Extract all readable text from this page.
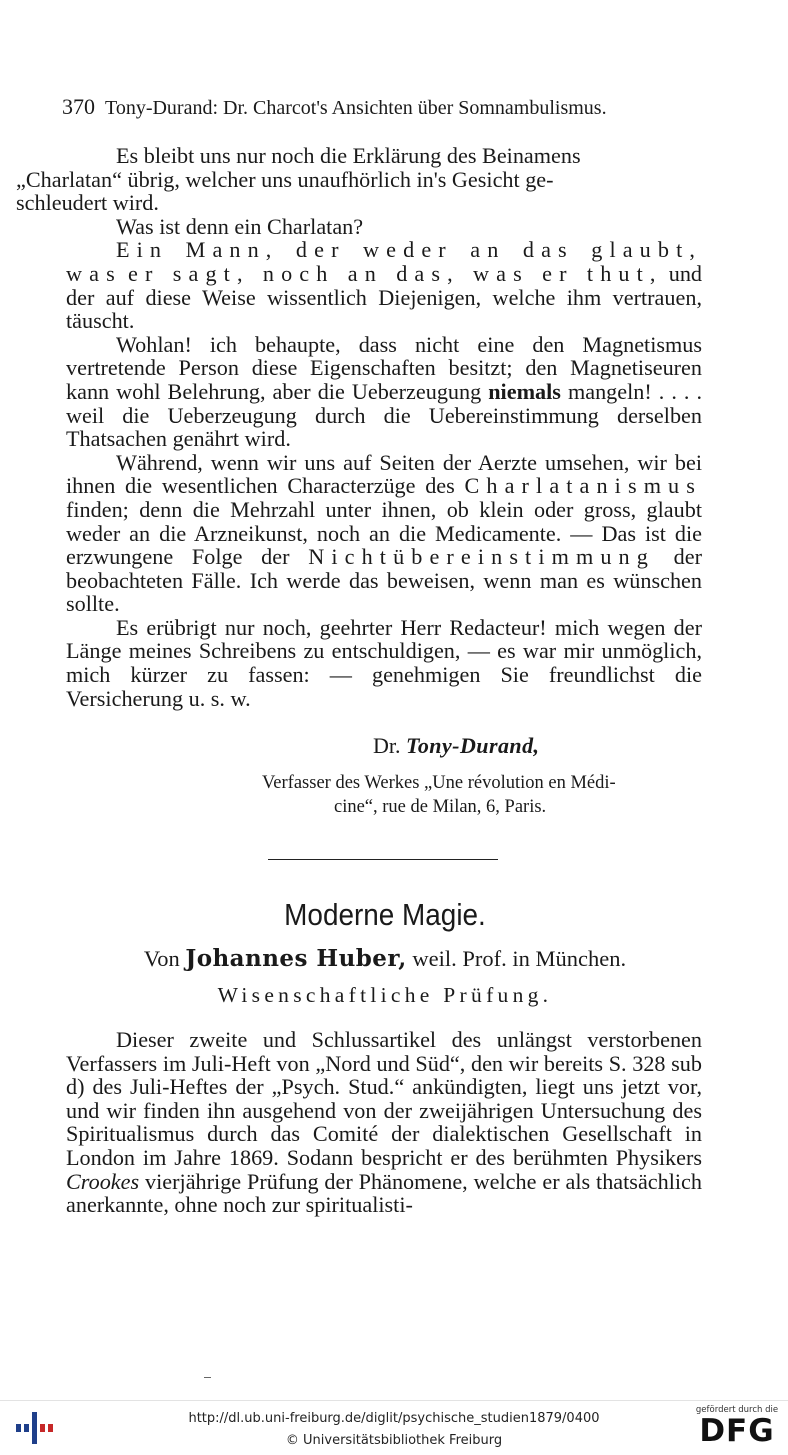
370 Tony-Durand: Dr. Charcot's Ansichten über Somnambulismus.

Es bleibt uns nur noch die Erklärung des Beinamens
„Charlatan“ übrig, welcher uns unaufhörlich in's Gesicht ge-
schleudert wird.

Was ist denn ein Charlatan?

Ein Mann, der weder an das glaubt, was er sagt, noch an das, was er thut, und der auf diese Weise wissentlich Diejenigen, welche ihm vertrauen, täuscht.

Wohlan! ich behaupte, dass nicht eine den Magnetismus vertretende Person diese Eigenschaften besitzt; den Magnetiseuren kann wohl Belehrung, aber die Ueberzeugung niemals mangeln! . . . . weil die Ueberzeugung durch die Uebereinstimmung derselben Thatsachen genährt wird.

Während, wenn wir uns auf Seiten der Aerzte umsehen, wir bei ihnen die wesentlichen Characterzüge des Charlatanismus finden; denn die Mehrzahl unter ihnen, ob klein oder gross, glaubt weder an die Arzneikunst, noch an die Medicamente. — Das ist die erzwungene Folge der Nichtübereinstimmung der beobachteten Fälle. Ich werde das beweisen, wenn man es wünschen sollte.

Es erübrigt nur noch, geehrter Herr Redacteur! mich wegen der Länge meines Schreibens zu entschuldigen, — es war mir unmöglich, mich kürzer zu fassen: — genehmigen Sie freundlichst die Versicherung u. s. w.

Dr. Tony-Durand,
Verfasser des Werkes „Une révolution en Médi-
cine“, rue de Milan, 6, Paris.
Moderne Magie.
Von Johannes Huber, weil. Prof. in München.
Wisenschaftliche Prüfung.

Dieser zweite und Schlussartikel des unlängst verstorbenen Verfassers im Juli-Heft von „Nord und Süd“, den wir bereits S. 328 sub d) des Juli-Heftes der „Psych. Stud.“ ankündigten, liegt uns jetzt vor, und wir finden ihn ausgehend von der zweijährigen Untersuchung des Spiritualismus durch das Comité der dialektischen Gesellschaft in London im Jahre 1869. Sodann bespricht er des berühmten Physikers Crookes vierjährige Prüfung der Phänomene, welche er als thatsächlich anerkannte, ohne noch zur spiritualisti-

http://dl.ub.uni-freiburg.de/diglit/psychische_studien1879/0400
© Universitätsbibliothek Freiburg
gefördert durch die
DFG
